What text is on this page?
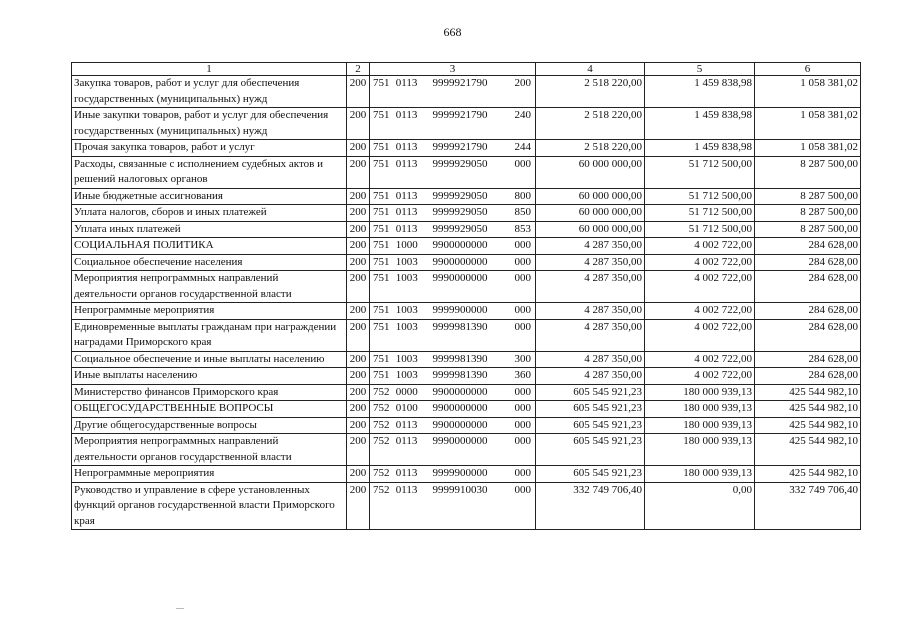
668
1	2	3	4	5	6
Закупка товаров, работ и услуг для обеспечения государственных (муниципальных) нужд	200	751 0113 9999921790 200	2 518 220,00	1 459 838,98	1 058 381,02
Иные закупки товаров, работ и услуг для обеспечения государственных (муниципальных) нужд	200	751 0113 9999921790 240	2 518 220,00	1 459 838,98	1 058 381,02
Прочая закупка товаров, работ и услуг	200	751 0113 9999921790 244	2 518 220,00	1 459 838,98	1 058 381,02
Расходы, связанные с исполнением судебных актов и решений налоговых органов	200	751 0113 9999929050 000	60 000 000,00	51 712 500,00	8 287 500,00
Иные бюджетные ассигнования	200	751 0113 9999929050 800	60 000 000,00	51 712 500,00	8 287 500,00
Уплата налогов, сборов и иных платежей	200	751 0113 9999929050 850	60 000 000,00	51 712 500,00	8 287 500,00
Уплата иных платежей	200	751 0113 9999929050 853	60 000 000,00	51 712 500,00	8 287 500,00
СОЦИАЛЬНАЯ ПОЛИТИКА	200	751 1000 9900000000 000	4 287 350,00	4 002 722,00	284 628,00
Социальное обеспечение населения	200	751 1003 9900000000 000	4 287 350,00	4 002 722,00	284 628,00
Мероприятия непрограммных направлений деятельности органов государственной власти	200	751 1003 9990000000 000	4 287 350,00	4 002 722,00	284 628,00
Непрограммные мероприятия	200	751 1003 9999900000 000	4 287 350,00	4 002 722,00	284 628,00
Единовременные выплаты гражданам при награждении наградами Приморского края	200	751 1003 9999981390 000	4 287 350,00	4 002 722,00	284 628,00
Социальное обеспечение и иные выплаты населению	200	751 1003 9999981390 300	4 287 350,00	4 002 722,00	284 628,00
Иные выплаты населению	200	751 1003 9999981390 360	4 287 350,00	4 002 722,00	284 628,00
Министерство финансов Приморского края	200	752 0000 9900000000 000	605 545 921,23	180 000 939,13	425 544 982,10
ОБЩЕГОСУДАРСТВЕННЫЕ ВОПРОСЫ	200	752 0100 9900000000 000	605 545 921,23	180 000 939,13	425 544 982,10
Другие общегосударственные вопросы	200	752 0113 9900000000 000	605 545 921,23	180 000 939,13	425 544 982,10
Мероприятия непрограммных направлений деятельности органов государственной власти	200	752 0113 9990000000 000	605 545 921,23	180 000 939,13	425 544 982,10
Непрограммные мероприятия	200	752 0113 9999900000 000	605 545 921,23	180 000 939,13	425 544 982,10
Руководство и управление в сфере установленных функций органов государственной власти Приморского края	200	752 0113 9999910030 000	332 749 706,40	0,00	332 749 706,40
